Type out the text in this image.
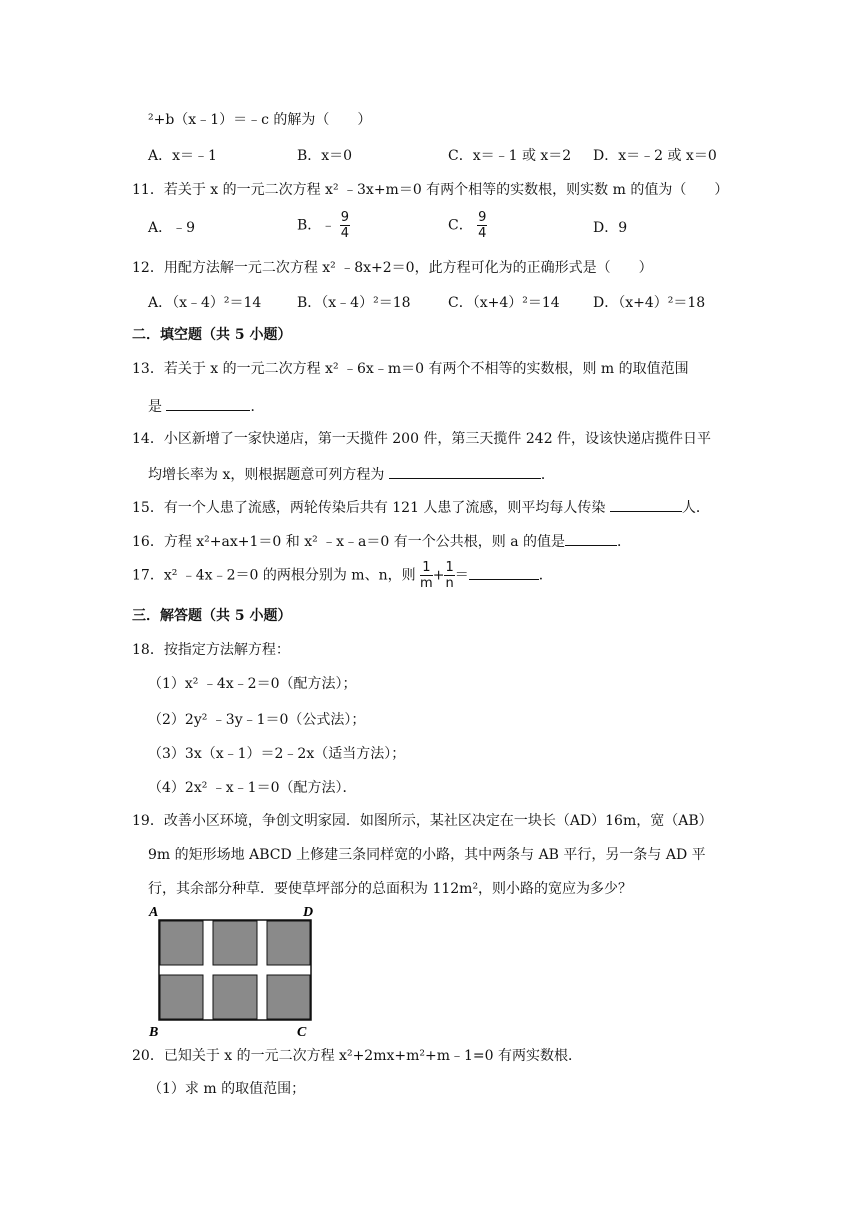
²+b（x﹣1）＝﹣c 的解为（　　）
A．x＝﹣1	B．x＝0	C．x＝﹣1 或 x＝2 D．x＝﹣2 或 x＝0
11．若关于 x 的一元二次方程 x² ﹣3x+m＝0 有两个相等的实数根，则实数 m 的值为（　　）
A．﹣9	B．﹣ $\frac{9}{4}$	C． $\frac{9}{4}$	D．9
12．用配方法解一元二次方程 x² ﹣8x+2＝0，此方程可化为的正确形式是（　　）
A．（x﹣4）²＝14	B．（x﹣4）²＝18	C．（x+4）²＝14 D．（x+4）²＝18
二．填空题（共 5 小题）
13．若关于 x 的一元二次方程 x² ﹣6x﹣m＝0 有两个不相等的实数根，则 m 的取值范围
是	．
14．小区新增了一家快递店，第一天揽件 200 件，第三天揽件 242 件，设该快递店揽件日平
均增长率为 x，则根据题意可列方程为	．
15．有一个人患了流感，两轮传染后共有 121 人患了流感，则平均每人传染	人．
16．方程 x²+ax+1＝0 和 x² ﹣x﹣a＝0 有一个公共根，则 a 的值是	．
17．x² ﹣4x﹣2＝0 的两根分别为 m、n，则 $\frac{1}{m} + \frac{1}{n}$ ＝	．
三．解答题（共 5 小题）
18．按指定方法解方程：
（1）x² ﹣4x﹣2＝0（配方法）；
（2）2y² ﹣3y﹣1＝0（公式法）；
（3）3x（x﹣1）＝2﹣2x（适当方法）；
（4）2x² ﹣x﹣1＝0（配方法）．
19．改善小区环境，争创文明家园．如图所示，某社区决定在一块长（AD）16m，宽（AB）
9m 的矩形场地 ABCD 上修建三条同样宽的小路，其中两条与 AB 平行，另一条与 AD 平
行，其余部分种草．要使草坪部分的总面积为 112m²，则小路的宽应为多少？
A	D
B	C
20．已知关于 x 的一元二次方程 x²+2mx+m²+m﹣1=0 有两实数根．
（1）求 m 的取值范围；
